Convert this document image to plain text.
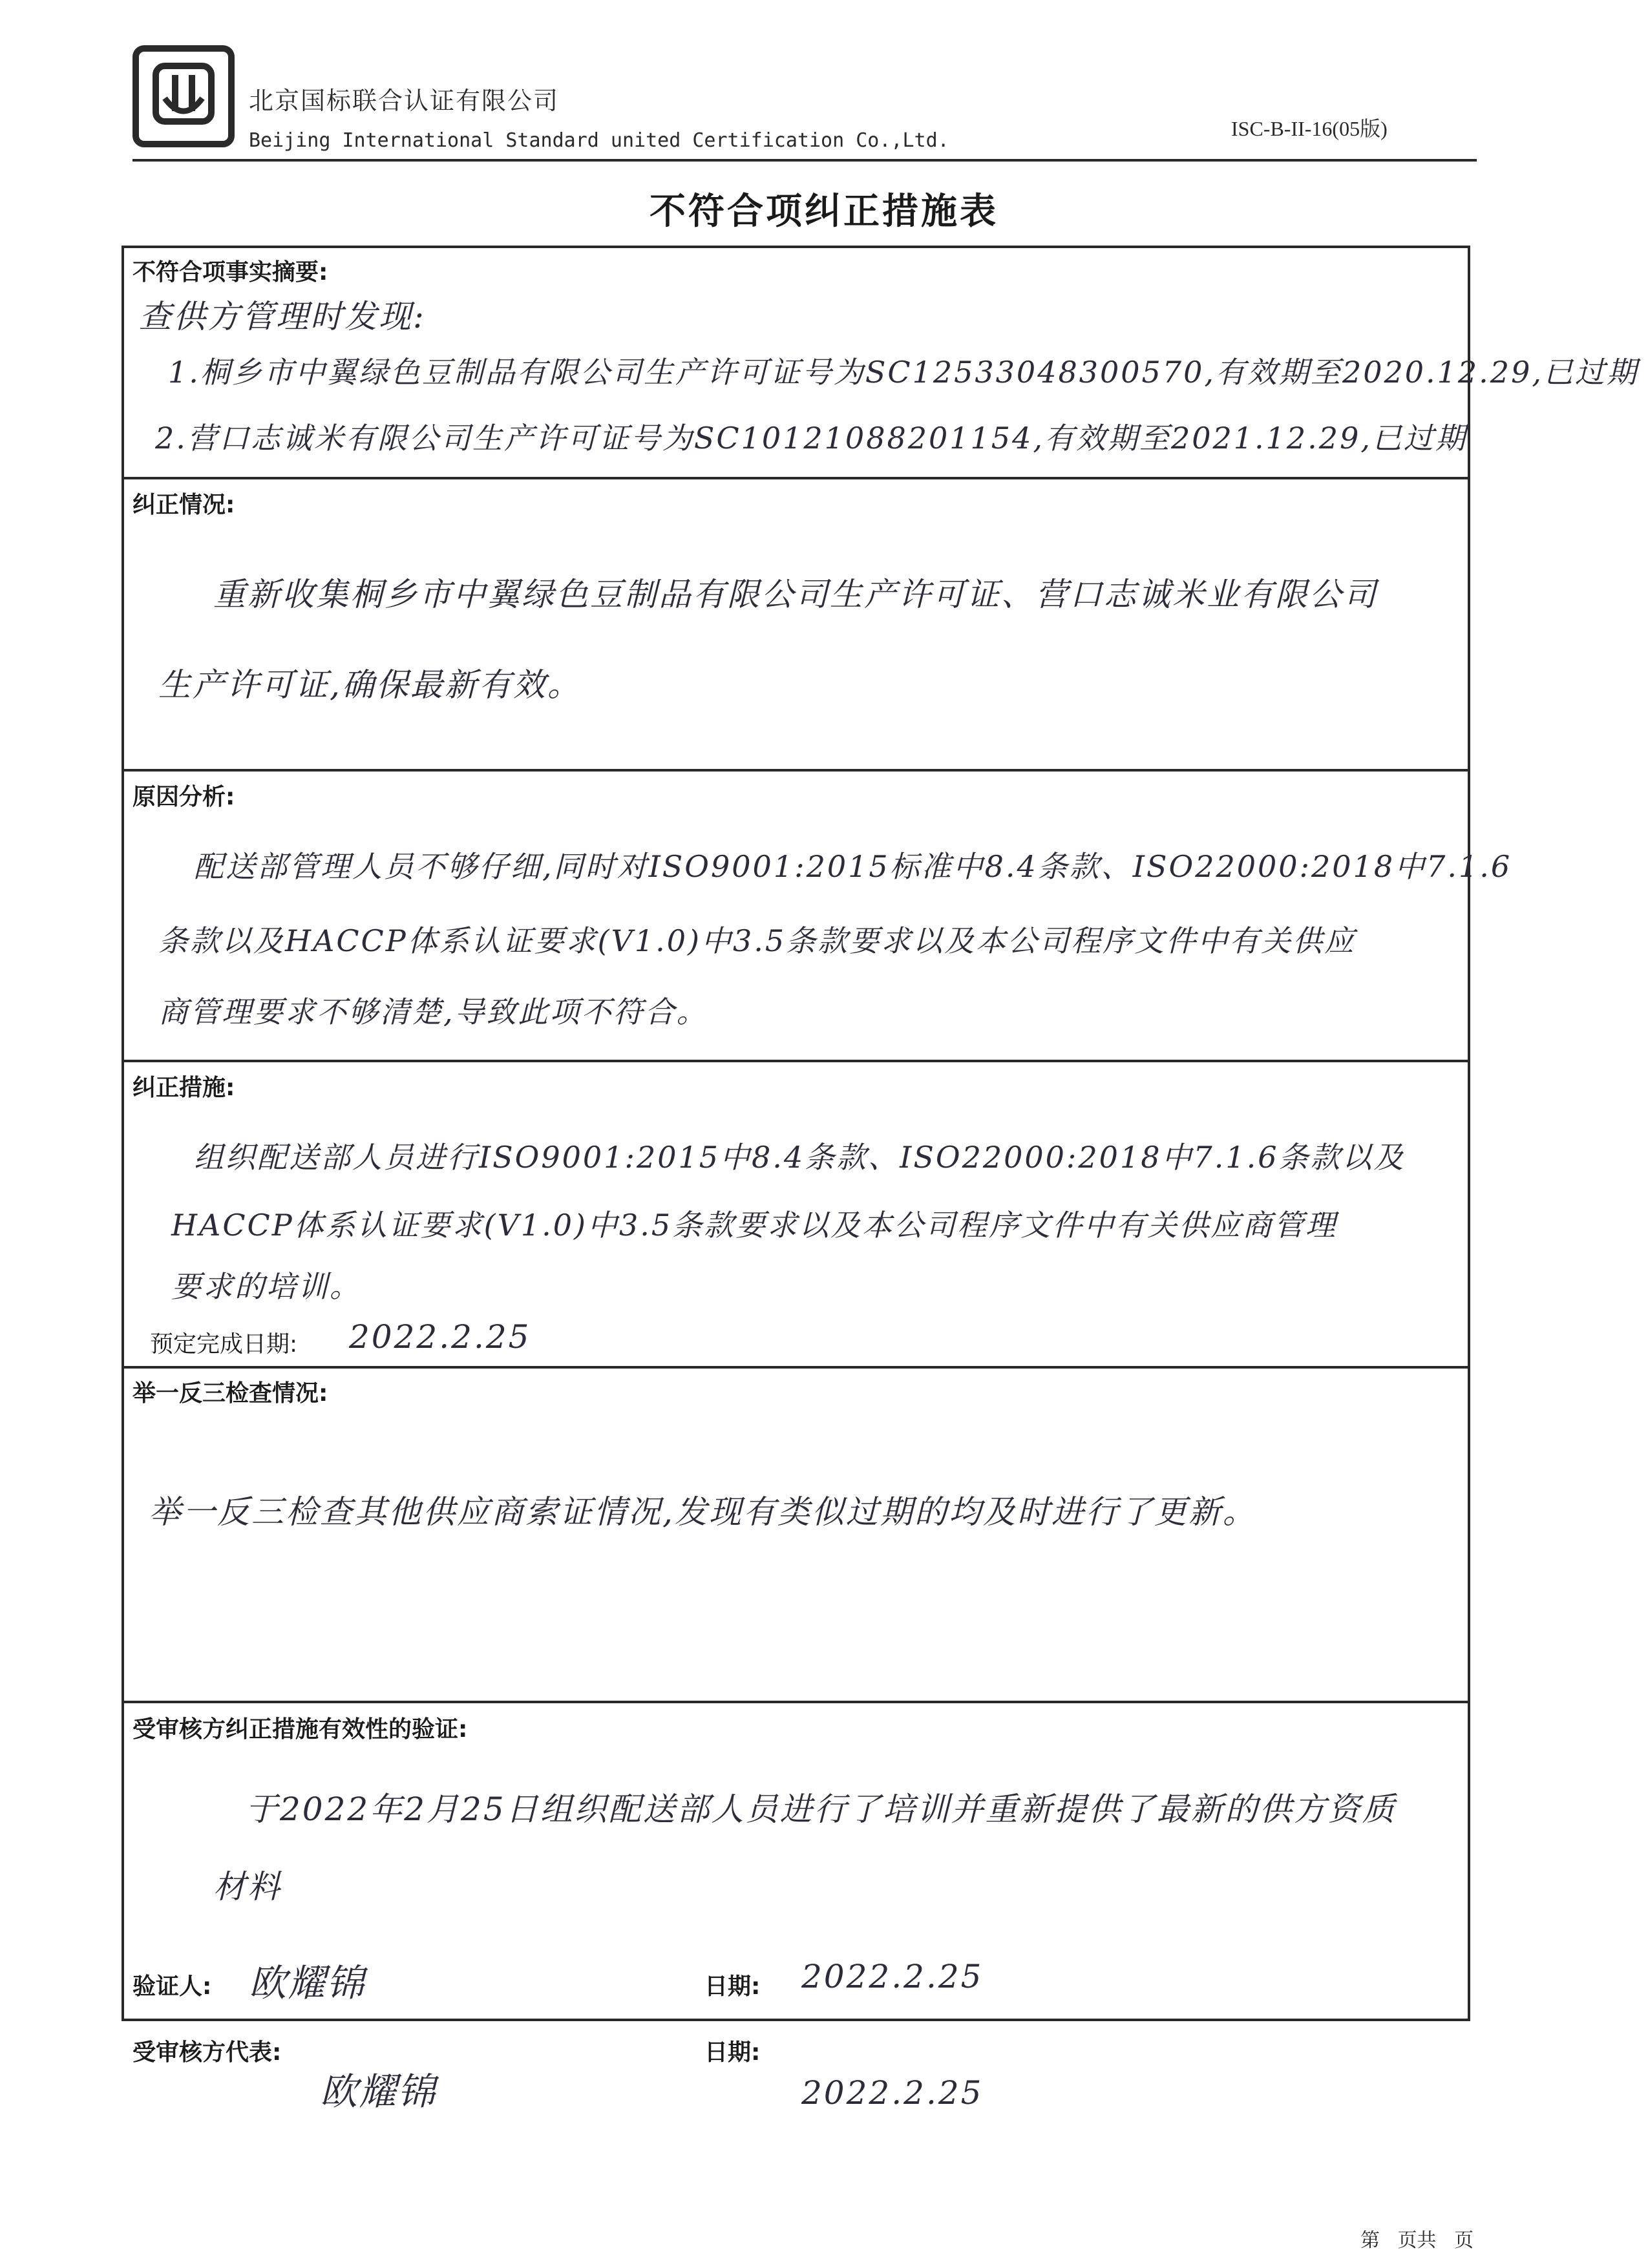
北京国标联合认证有限公司
Beijing International Standard united Certification Co.,Ltd.
ISC-B-II-16(05版)
不符合项纠正措施表
不符合项事实摘要:
查供方管理时发现:
1.桐乡市中翼绿色豆制品有限公司生产许可证号为SC12533048300570,有效期至2020.12.29,已过期
2.营口志诚米有限公司生产许可证号为SC10121088201154,有效期至2021.12.29,已过期
纠正情况:
重新收集桐乡市中翼绿色豆制品有限公司生产许可证、营口志诚米业有限公司
生产许可证,确保最新有效。
原因分析:
配送部管理人员不够仔细,同时对ISO9001:2015标准中8.4条款、ISO22000:2018中7.1.6
条款以及HACCP体系认证要求(V1.0)中3.5条款要求以及本公司程序文件中有关供应
商管理要求不够清楚,导致此项不符合。
纠正措施:
组织配送部人员进行ISO9001:2015中8.4条款、ISO22000:2018中7.1.6条款以及
HACCP体系认证要求(V1.0)中3.5条款要求以及本公司程序文件中有关供应商管理
要求的培训。
预定完成日期: 2022.2.25
举一反三检查情况:
举一反三检查其他供应商索证情况,发现有类似过期的均及时进行了更新。
受审核方纠正措施有效性的验证:
于2022年2月25日组织配送部人员进行了培训并重新提供了最新的供方资质
材料
验证人: 欧耀锦	日期: 2022.2.25
受审核方代表:
欧耀锦
日期:
2022.2.25
第 页共 页
